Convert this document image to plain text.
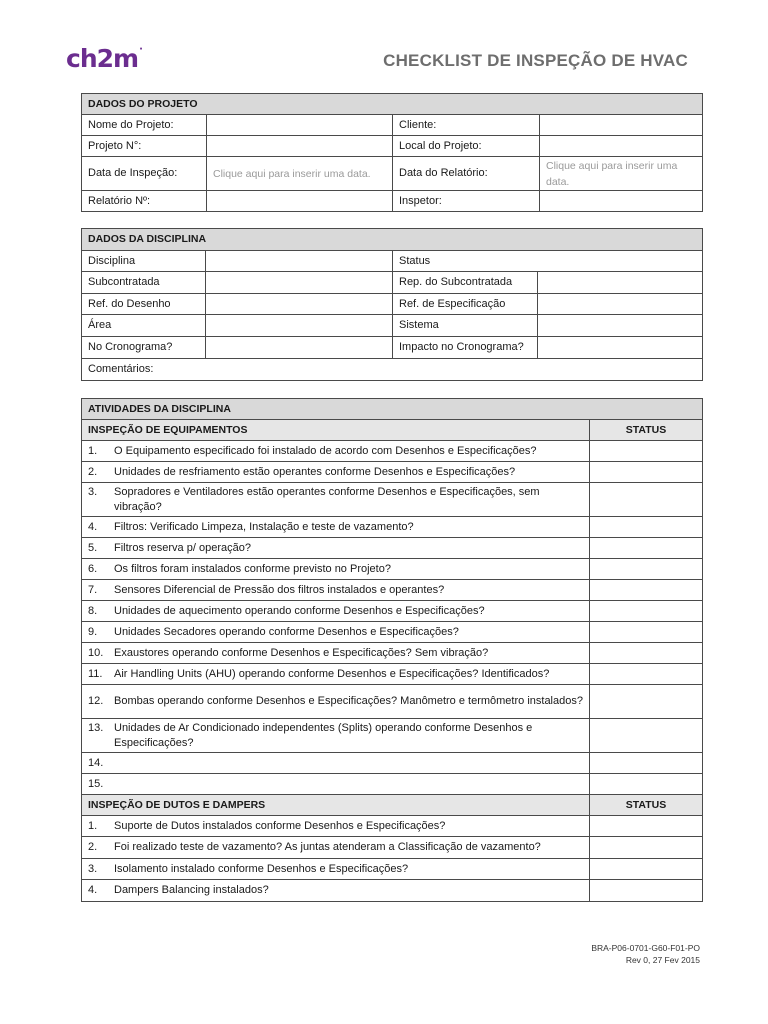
ch2m·
CHECKLIST DE INSPEÇÃO DE HVAC
DADOS DO PROJETO			
Nome do Projeto:		Cliente:	
Projeto N°:		Local do Projeto:	
Data de Inspeção:	Clique aqui para inserir uma data.	Data do Relatório:	Clique aqui para inserir uma data.
Relatório Nº:		Inspetor:	
DADOS DA DISCIPLINA			
Disciplina		Status	
Subcontratada		Rep. do Subcontratada	
Ref. do Desenho		Ref. de Especificação	
Área		Sistema	
No Cronograma?		Impacto no Cronograma?	
Comentários:			
ATIVIDADES DA DISCIPLINA	
INSPEÇÃO DE EQUIPAMENTOS	STATUS

1. O Equipamento especificado foi instalado de acordo com Desenhos e Especificações?	

2. Unidades de resfriamento estão operantes conforme Desenhos e Especificações?	

3. Sopradores e Ventiladores estão operantes conforme Desenhos e Especificações, sem vibração?	

4. Filtros: Verificado Limpeza, Instalação e teste de vazamento?	

5. Filtros reserva p/ operação?	

6. Os filtros foram instalados conforme previsto no Projeto?	

7. Sensores Diferencial de Pressão dos filtros instalados e operantes?	

8. Unidades de aquecimento operando conforme Desenhos e Especificações?	

9. Unidades Secadores operando conforme Desenhos e Especificações?	

10. Exaustores operando conforme Desenhos e Especificações? Sem vibração?	

11. Air Handling Units (AHU) operando conforme Desenhos e Especificações? Identificados?	

12. Bombas operando conforme Desenhos e Especificações? Manômetro e termômetro instalados?	

13. Unidades de Ar Condicionado independentes (Splits) operando conforme Desenhos e Especificações?	

14.	

15.	

INSPEÇÃO DE DUTOS E DAMPERS	STATUS

1. Suporte de Dutos instalados conforme Desenhos e Especificações?	

2. Foi realizado teste de vazamento? As juntas atenderam a Classificação de vazamento?	

3. Isolamento instalado conforme Desenhos e Especificações?	

4. Dampers Balancing instalados?	

BRA-P06-0701-G60-F01-PO
Rev 0, 27 Fev 2015
